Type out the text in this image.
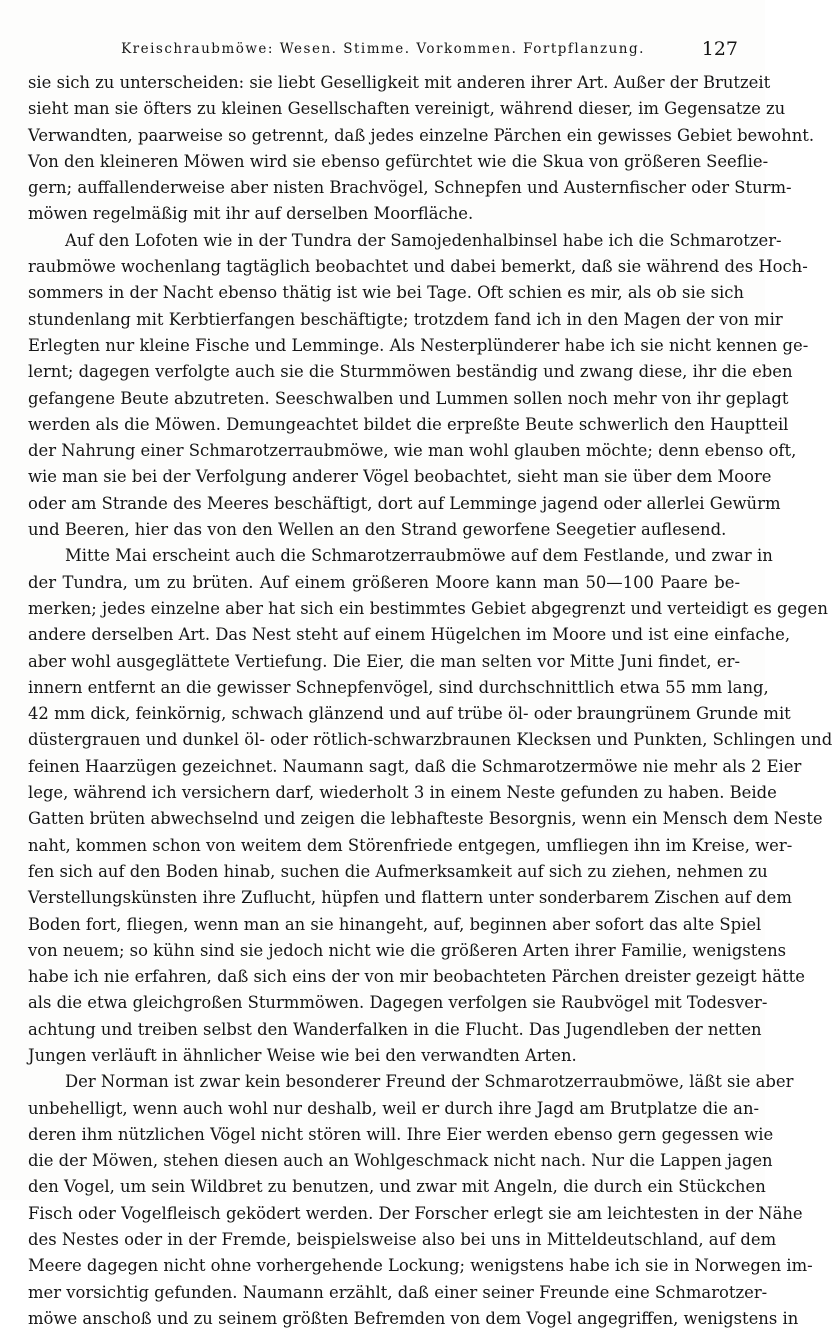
Kreischraubmöwe: Wesen. Stimme. Vorkommen. Fortpflanzung.	127
sie sich zu unterscheiden: sie liebt Geselligkeit mit anderen ihrer Art. Außer der Brutzeit
sieht man sie öfters zu kleinen Gesellschaften vereinigt, während dieser, im Gegensatze zu
Verwandten, paarweise so getrennt, daß jedes einzelne Pärchen ein gewisses Gebiet bewohnt.
Von den kleineren Möwen wird sie ebenso gefürchtet wie die Skua von größeren Seeflie-
gern; auffallenderweise aber nisten Brachvögel, Schnepfen und Austernfischer oder Sturm-
möwen regelmäßig mit ihr auf derselben Moorfläche.
Auf den Lofoten wie in der Tundra der Samojedenhalbinsel habe ich die Schmarotzer-
raubmöwe wochenlang tagtäglich beobachtet und dabei bemerkt, daß sie während des Hoch-
sommers in der Nacht ebenso thätig ist wie bei Tage. Oft schien es mir, als ob sie sich
stundenlang mit Kerbtierfangen beschäftigte; trotzdem fand ich in den Magen der von mir
Erlegten nur kleine Fische und Lemminge. Als Nesterplünderer habe ich sie nicht kennen ge-
lernt; dagegen verfolgte auch sie die Sturmmöwen beständig und zwang diese, ihr die eben
gefangene Beute abzutreten. Seeschwalben und Lummen sollen noch mehr von ihr geplagt
werden als die Möwen. Demungeachtet bildet die erpreßte Beute schwerlich den Hauptteil
der Nahrung einer Schmarotzerraubmöwe, wie man wohl glauben möchte; denn ebenso oft,
wie man sie bei der Verfolgung anderer Vögel beobachtet, sieht man sie über dem Moore
oder am Strande des Meeres beschäftigt, dort auf Lemminge jagend oder allerlei Gewürm
und Beeren, hier das von den Wellen an den Strand geworfene Seegetier auflesend.
Mitte Mai erscheint auch die Schmarotzerraubmöwe auf dem Festlande, und zwar in
der Tundra, um zu brüten. Auf einem größeren Moore kann man 50—100 Paare be-
merken; jedes einzelne aber hat sich ein bestimmtes Gebiet abgegrenzt und verteidigt es gegen
andere derselben Art. Das Nest steht auf einem Hügelchen im Moore und ist eine einfache,
aber wohl ausgeglättete Vertiefung. Die Eier, die man selten vor Mitte Juni findet, er-
innern entfernt an die gewisser Schnepfenvögel, sind durchschnittlich etwa 55 mm lang,
42 mm dick, feinkörnig, schwach glänzend und auf trübe öl- oder braungrünem Grunde mit
düstergrauen und dunkel öl- oder rötlich-schwarzbraunen Klecksen und Punkten, Schlingen und
feinen Haarzügen gezeichnet. Naumann sagt, daß die Schmarotzermöwe nie mehr als 2 Eier
lege, während ich versichern darf, wiederholt 3 in einem Neste gefunden zu haben. Beide
Gatten brüten abwechselnd und zeigen die lebhafteste Besorgnis, wenn ein Mensch dem Neste
naht, kommen schon von weitem dem Störenfriede entgegen, umfliegen ihn im Kreise, wer-
fen sich auf den Boden hinab, suchen die Aufmerksamkeit auf sich zu ziehen, nehmen zu
Verstellungskünsten ihre Zuflucht, hüpfen und flattern unter sonderbarem Zischen auf dem
Boden fort, fliegen, wenn man an sie hinangeht, auf, beginnen aber sofort das alte Spiel
von neuem; so kühn sind sie jedoch nicht wie die größeren Arten ihrer Familie, wenigstens
habe ich nie erfahren, daß sich eins der von mir beobachteten Pärchen dreister gezeigt hätte
als die etwa gleichgroßen Sturmmöwen. Dagegen verfolgen sie Raubvögel mit Todesver-
achtung und treiben selbst den Wanderfalken in die Flucht. Das Jugendleben der netten
Jungen verläuft in ähnlicher Weise wie bei den verwandten Arten.
Der Norman ist zwar kein besonderer Freund der Schmarotzerraubmöwe, läßt sie aber
unbehelligt, wenn auch wohl nur deshalb, weil er durch ihre Jagd am Brutplatze die an-
deren ihm nützlichen Vögel nicht stören will. Ihre Eier werden ebenso gern gegessen wie
die der Möwen, stehen diesen auch an Wohlgeschmack nicht nach. Nur die Lappen jagen
den Vogel, um sein Wildbret zu benutzen, und zwar mit Angeln, die durch ein Stückchen
Fisch oder Vogelfleisch geködert werden. Der Forscher erlegt sie am leichtesten in der Nähe
des Nestes oder in der Fremde, beispielsweise also bei uns in Mitteldeutschland, auf dem
Meere dagegen nicht ohne vorhergehende Lockung; wenigstens habe ich sie in Norwegen im-
mer vorsichtig gefunden. Naumann erzählt, daß einer seiner Freunde eine Schmarotzer-
möwe anschoß und zu seinem größten Befremden von dem Vogel angegriffen, wenigstens in
